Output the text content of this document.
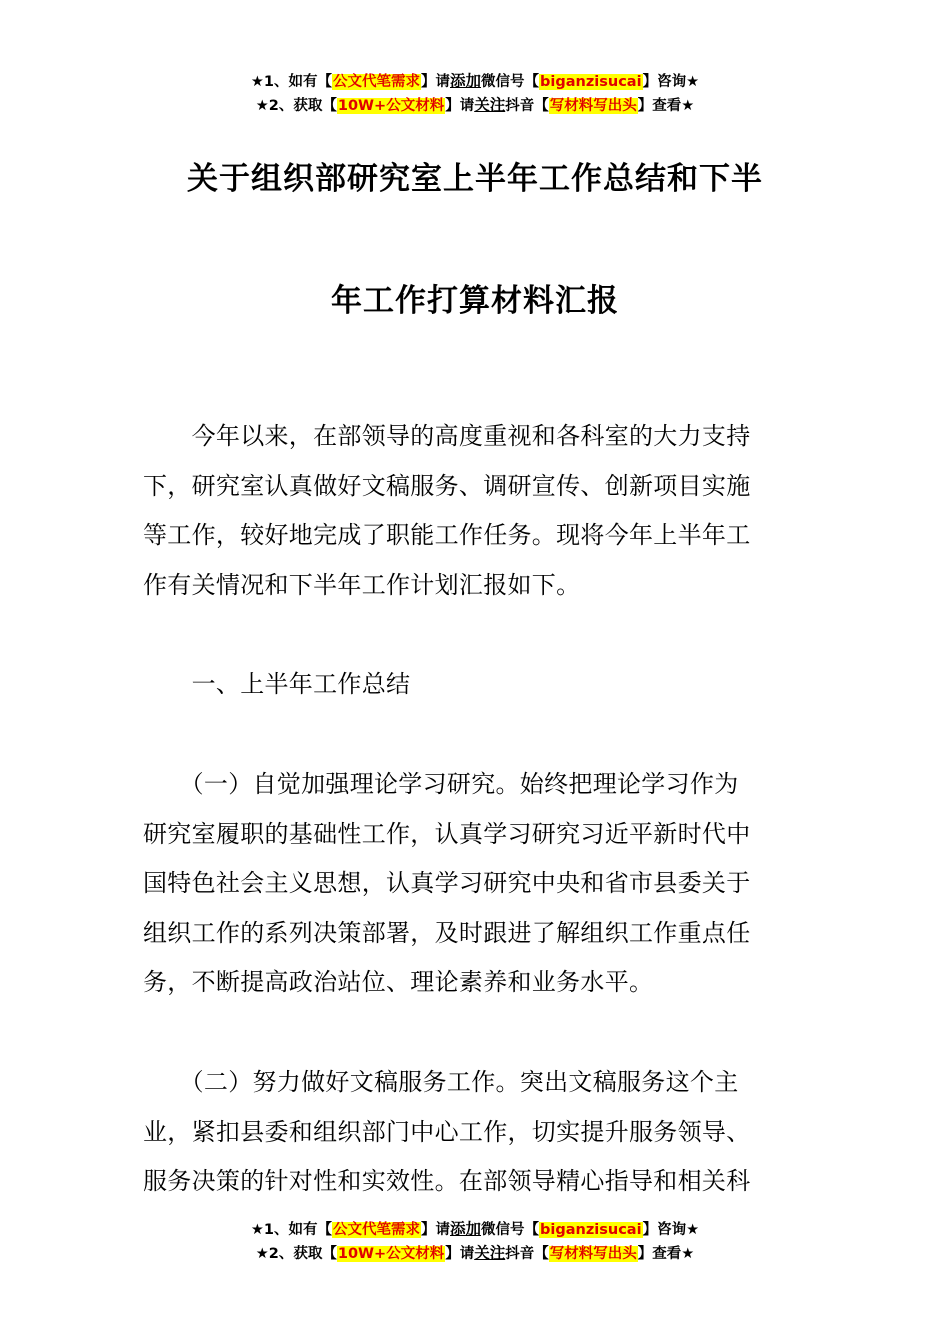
★1、如有【公文代笔需求】请添加微信号【biganzisucai】咨询★
★2、获取【10W+公文材料】请关注抖音【写材料写出头】查看★
关于组织部研究室上半年工作总结和下半
年工作打算材料汇报
　　今年以来，在部领导的高度重视和各科室的大力支持
下，研究室认真做好文稿服务、调研宣传、创新项目实施
等工作，较好地完成了职能工作任务。现将今年上半年工
作有关情况和下半年工作计划汇报如下。
　　一、上半年工作总结
　　（一）自觉加强理论学习研究。始终把理论学习作为
研究室履职的基础性工作，认真学习研究习近平新时代中
国特色社会主义思想，认真学习研究中央和省市县委关于
组织工作的系列决策部署，及时跟进了解组织工作重点任
务，不断提高政治站位、理论素养和业务水平。
　　（二）努力做好文稿服务工作。突出文稿服务这个主
业，紧扣县委和组织部门中心工作，切实提升服务领导、
服务决策的针对性和实效性。在部领导精心指导和相关科
★1、如有【公文代笔需求】请添加微信号【biganzisucai】咨询★
★2、获取【10W+公文材料】请关注抖音【写材料写出头】查看★
